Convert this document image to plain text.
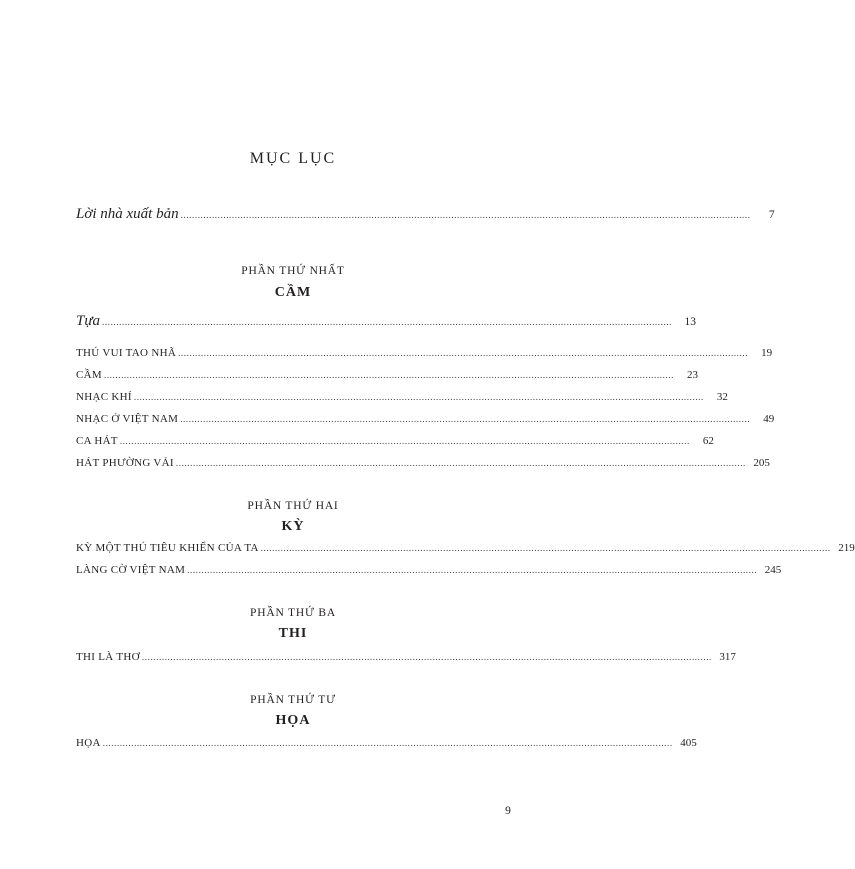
MỤC LỤC
Lời nhà xuất bản ........................................................................................................................................................................................................	7
PHẦN THỨ NHẤT
CẦM
Tựa ........................................................................................................................................................................................................	13
THÚ VUI TAO NHÃ ........................................................................................................................................................................................................	19
CẦM ........................................................................................................................................................................................................	23
NHẠC KHÍ ........................................................................................................................................................................................................	32
NHẠC Ở VIỆT NAM ........................................................................................................................................................................................................	49
CA HÁT ........................................................................................................................................................................................................	62
HÁT PHƯỜNG VẢI ........................................................................................................................................................................................................ 205
PHẦN THỨ HAI
KỲ
KỲ MỘT THÚ TIÊU KHIỂN CỦA TA ........................................................................................................................................................................................................ 219
LÀNG CỜ VIỆT NAM ........................................................................................................................................................................................................ 245
PHẦN THỨ BA
THI
THI LÀ THƠ ........................................................................................................................................................................................................ 317
PHẦN THỨ TƯ
HỌA
HỌA ........................................................................................................................................................................................................ 405
9
